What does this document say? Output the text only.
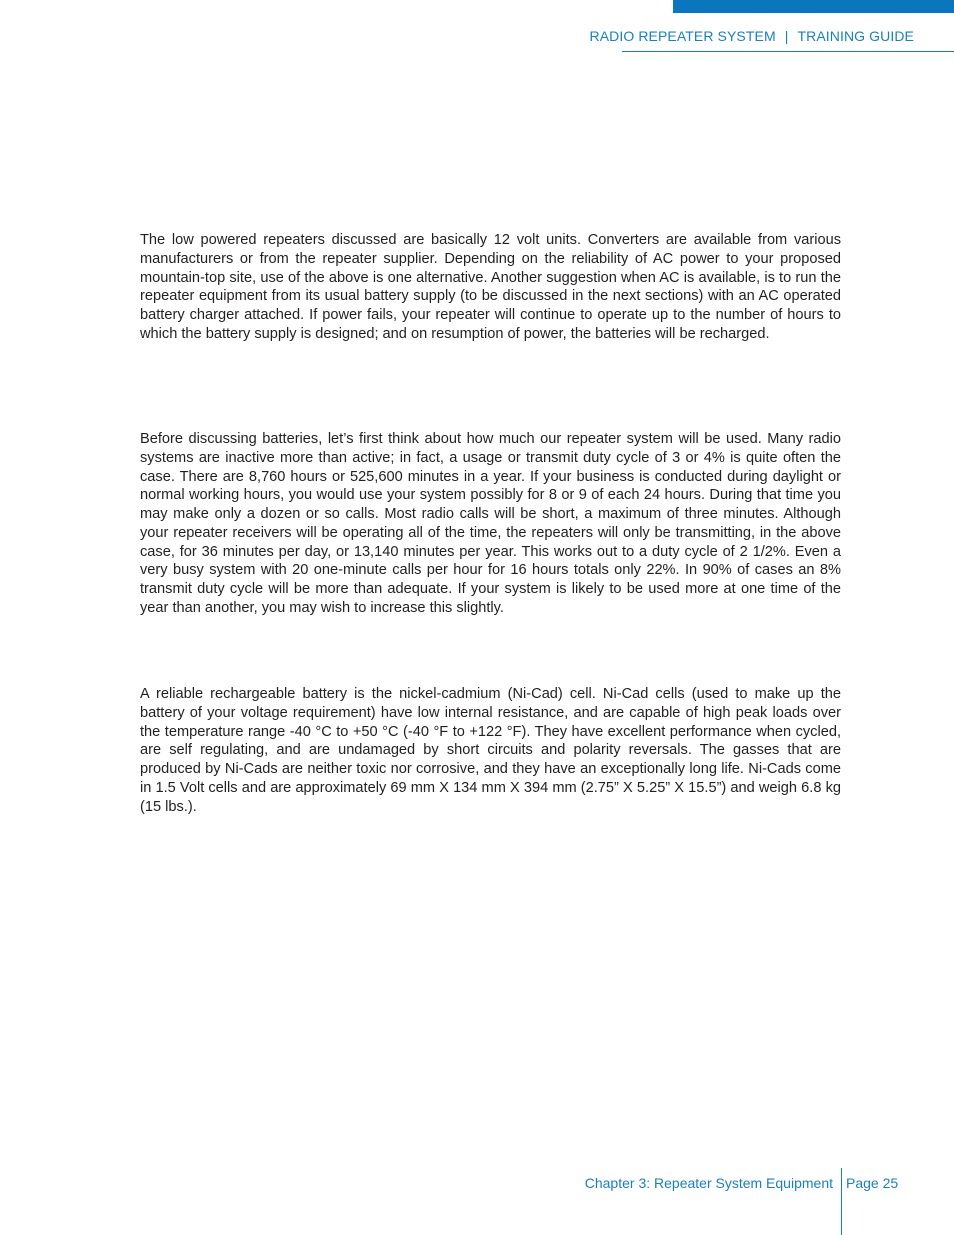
RADIO REPEATER SYSTEM | TRAINING GUIDE

The low powered repeaters discussed are basically 12 volt units. Converters are available from various manufacturers or from the repeater supplier. Depending on the reliability of AC power to your proposed mountain-top site, use of the above is one alternative. Another suggestion when AC is available, is to run the repeater equipment from its usual battery supply (to be discussed in the next sections) with an AC operated battery charger attached. If power fails, your repeater will continue to operate up to the number of hours to which the battery supply is designed; and on resumption of power, the batteries will be recharged.

Before discussing batteries, let’s first think about how much our repeater system will be used. Many radio systems are inactive more than active; in fact, a usage or transmit duty cycle of 3 or 4% is quite often the case. There are 8,760 hours or 525,600 minutes in a year. If your business is conducted during daylight or normal working hours, you would use your system possibly for 8 or 9 of each 24 hours. During that time you may make only a dozen or so calls. Most radio calls will be short, a maximum of three minutes. Although your repeater receivers will be operating all of the time, the repeaters will only be transmitting, in the above case, for 36 minutes per day, or 13,140 minutes per year. This works out to a duty cycle of 2 1/2%. Even a very busy system with 20 one-minute calls per hour for 16 hours totals only 22%. In 90% of cases an 8% transmit duty cycle will be more than adequate. If your system is likely to be used more at one time of the year than another, you may wish to increase this slightly.

A reliable rechargeable battery is the nickel-cadmium (Ni-Cad) cell. Ni-Cad cells (used to make up the battery of your voltage requirement) have low internal resistance, and are capable of high peak loads over the temperature range -40 °C to +50 °C (-40 °F to +122 °F). They have excellent performance when cycled, are self regulating, and are undamaged by short circuits and polarity reversals. The gasses that are produced by Ni-Cads are neither toxic nor corrosive, and they have an exceptionally long life. Ni-Cads come in 1.5 Volt cells and are approximately 69 mm X 134 mm X 394 mm (2.75” X 5.25” X 15.5”) and weigh 6.8 kg (15 lbs.).

Chapter 3: Repeater System Equipment Page 25
